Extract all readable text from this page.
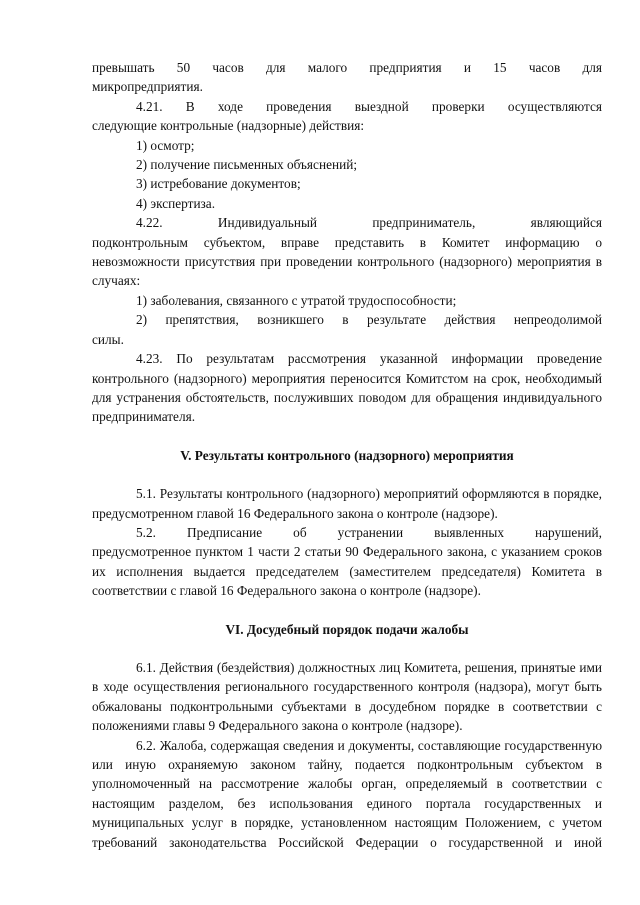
превышать 50 часов для малого предприятия и 15 часов для

микропредприятия.

4.21. В ходе проведения выездной проверки осуществляются

следующие контрольные (надзорные) действия:

1) осмотр;

2) получение письменных объяснений;

3) истребование документов;

4) экспертиза.

4.22. Индивидуальный предприниматель, являющийся

подконтрольным субъектом, вправе представить в Комитет информацию о невозможности присутствия при проведении контрольного (надзорного) мероприятия в случаях:

1) заболевания, связанного с утратой трудоспособности;

2) препятствия, возникшего в результате действия непреодолимой

силы.

4.23. По результатам рассмотрения указанной информации проведение контрольного (надзорного) мероприятия переносится Комитстом на срок, необходимый для устранения обстоятельств, послуживших поводом для обращения индивидуального предпринимателя.

V. Результаты контрольного (надзорного) мероприятия

5.1. Результаты контрольного (надзорного) мероприятий оформляются в порядке, предусмотренном главой 16 Федерального закона о контроле (надзоре).

5.2. Предписание об устранении выявленных нарушений,

предусмотренное пунктом 1 части 2 статьи 90 Федерального закона, с указанием сроков их исполнения выдается председателем (заместителем председателя) Комитета в соответствии с главой 16 Федерального закона о контроле (надзоре).

VI. Досудебный порядок подачи жалобы

6.1. Действия (бездействия) должностных лиц Комитета, решения, принятые ими в ходе осуществления регионального государственного контроля (надзора), могут быть обжалованы подконтрольными субъектами в досудебном порядке в соответствии с положениями главы 9 Федерального закона о контроле (надзоре).

6.2. Жалоба, содержащая сведения и документы, составляющие государственную или иную охраняемую законом тайну, подается подконтрольным субъектом в уполномоченный на рассмотрение жалобы орган, определяемый в соответствии с настоящим разделом, без использования единого портала государственных и муниципальных услуг в порядке, установленном настоящим Положением, с учетом требований законодательства Российской Федерации о государственной и иной
